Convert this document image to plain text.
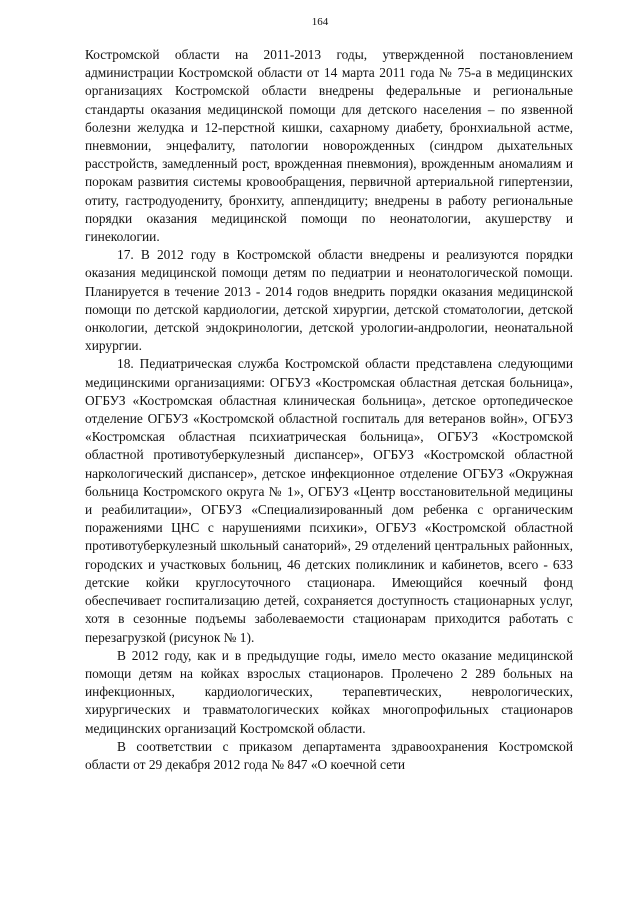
164

Костромской области на 2011-2013 годы, утвержденной постановлением администрации Костромской области от 14 марта 2011 года № 75-а в медицинских организациях Костромской области внедрены федеральные и региональные стандарты оказания медицинской помощи для детского населения – по язвенной болезни желудка и 12-перстной кишки, сахарному диабету, бронхиальной астме, пневмонии, энцефалиту, патологии новорожденных (синдром дыхательных расстройств, замедленный рост, врожденная пневмония), врожденным аномалиям и порокам развития системы кровообращения, первичной артериальной гипертензии, отиту, гастродуодениту, бронхиту, аппендициту; внедрены в работу региональные порядки оказания медицинской помощи по неонатологии, акушерству и гинекологии.

17. В 2012 году в Костромской области внедрены и реализуются порядки оказания медицинской помощи детям по педиатрии и неонатологической помощи. Планируется в течение 2013 - 2014 годов внедрить порядки оказания медицинской помощи по детской кардиологии, детской хирургии, детской стоматологии, детской онкологии, детской эндокринологии, детской урологии-андрологии, неонатальной хирургии.

18. Педиатрическая служба Костромской области представлена следующими медицинскими организациями: ОГБУЗ «Костромская областная детская больница», ОГБУЗ «Костромская областная клиническая больница», детское ортопедическое отделение ОГБУЗ «Костромской областной госпиталь для ветеранов войн», ОГБУЗ «Костромская областная психиатрическая больница», ОГБУЗ «Костромской областной противотуберкулезный диспансер», ОГБУЗ «Костромской областной наркологический диспансер», детское инфекционное отделение ОГБУЗ «Окружная больница Костромского округа № 1», ОГБУЗ «Центр восстановительной медицины и реабилитации», ОГБУЗ «Специализированный дом ребенка с органическим поражениями ЦНС с нарушениями психики», ОГБУЗ «Костромской областной противотуберкулезный школьный санаторий», 29 отделений центральных районных, городских и участковых больниц, 46 детских поликлиник и кабинетов, всего - 633 детские койки круглосуточного стационара. Имеющийся коечный фонд обеспечивает госпитализацию детей, сохраняется доступность стационарных услуг, хотя в сезонные подъемы заболеваемости стационарам приходится работать с перезагрузкой (рисунок № 1).

В 2012 году, как и в предыдущие годы, имело место оказание медицинской помощи детям на койках взрослых стационаров. Пролечено 2 289 больных на инфекционных, кардиологических, терапевтических, неврологических, хирургических и травматологических койках многопрофильных стационаров медицинских организаций Костромской области.

В соответствии с приказом департамента здравоохранения Костромской области от 29 декабря 2012 года № 847 «О коечной сети
